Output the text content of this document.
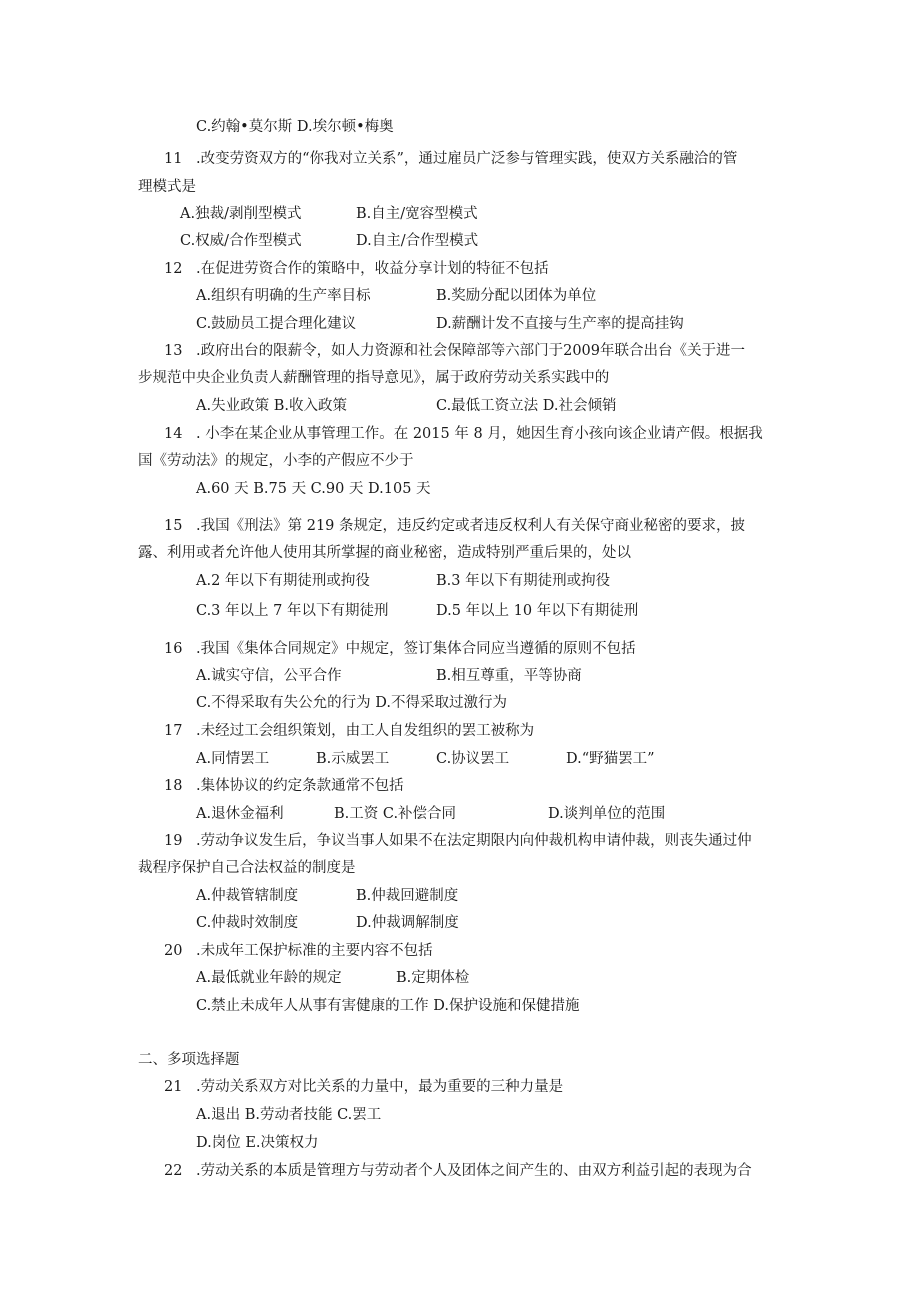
C.约翰•莫尔斯 D.埃尔顿•梅奥
11 .改变劳资双方的“你我对立关系”，通过雇员广泛参与管理实践，使双方关系融洽的管
理模式是
A.独裁/剥削型模式	B.自主/宽容型模式
C.权威/合作型模式	D.自主/合作型模式
12 .在促进劳资合作的策略中，收益分享计划的特征不包括
A.组织有明确的生产率目标	B.奖励分配以团体为单位
C.鼓励员工提合理化建议	D.薪酬计发不直接与生产率的提高挂钩
13 .政府出台的限薪令，如人力资源和社会保障部等六部门于2009年联合出台《关于进一
步规范中央企业负责人薪酬管理的指导意见》，属于政府劳动关系实践中的
A.失业政策 B.收入政策	C.最低工资立法 D.社会倾销
14 . 小李在某企业从事管理工作。在 2015 年 8 月，她因生育小孩向该企业请产假。根据我
国《劳动法》的规定，小李的产假应不少于
A.60 天 B.75 天 C.90 天 D.105 天
15 .我国《刑法》第 219 条规定，违反约定或者违反权利人有关保守商业秘密的要求，披
露、利用或者允许他人使用其所掌握的商业秘密，造成特别严重后果的，处以
A.2 年以下有期徒刑或拘役	B.3 年以下有期徒刑或拘役
C.3 年以上 7 年以下有期徒刑	D.5 年以上 10 年以下有期徒刑
16 .我国《集体合同规定》中规定，签订集体合同应当遵循的原则不包括
A.诚实守信，公平合作	B.相互尊重，平等协商
C.不得采取有失公允的行为 D.不得采取过激行为
17 .未经过工会组织策划，由工人自发组织的罢工被称为
A.同情罢工	B.示威罢工	C.协议罢工	D.“野猫罢工”
18 .集体协议的约定条款通常不包括
A.退休金福利	B.工资 C.补偿合同	D.谈判单位的范围
19 .劳动争议发生后，争议当事人如果不在法定期限内向仲裁机构申请仲裁，则丧失通过仲
裁程序保护自己合法权益的制度是
A.仲裁管辖制度	B.仲裁回避制度
C.仲裁时效制度	D.仲裁调解制度
20 .未成年工保护标准的主要内容不包括
A.最低就业年龄的规定	B.定期体检
C.禁止未成年人从事有害健康的工作 D.保护设施和保健措施
二、多项选择题
21 .劳动关系双方对比关系的力量中，最为重要的三种力量是
A.退出 B.劳动者技能 C.罢工
D.岗位 E.决策权力
22 .劳动关系的本质是管理方与劳动者个人及团体之间产生的、由双方利益引起的表现为合
